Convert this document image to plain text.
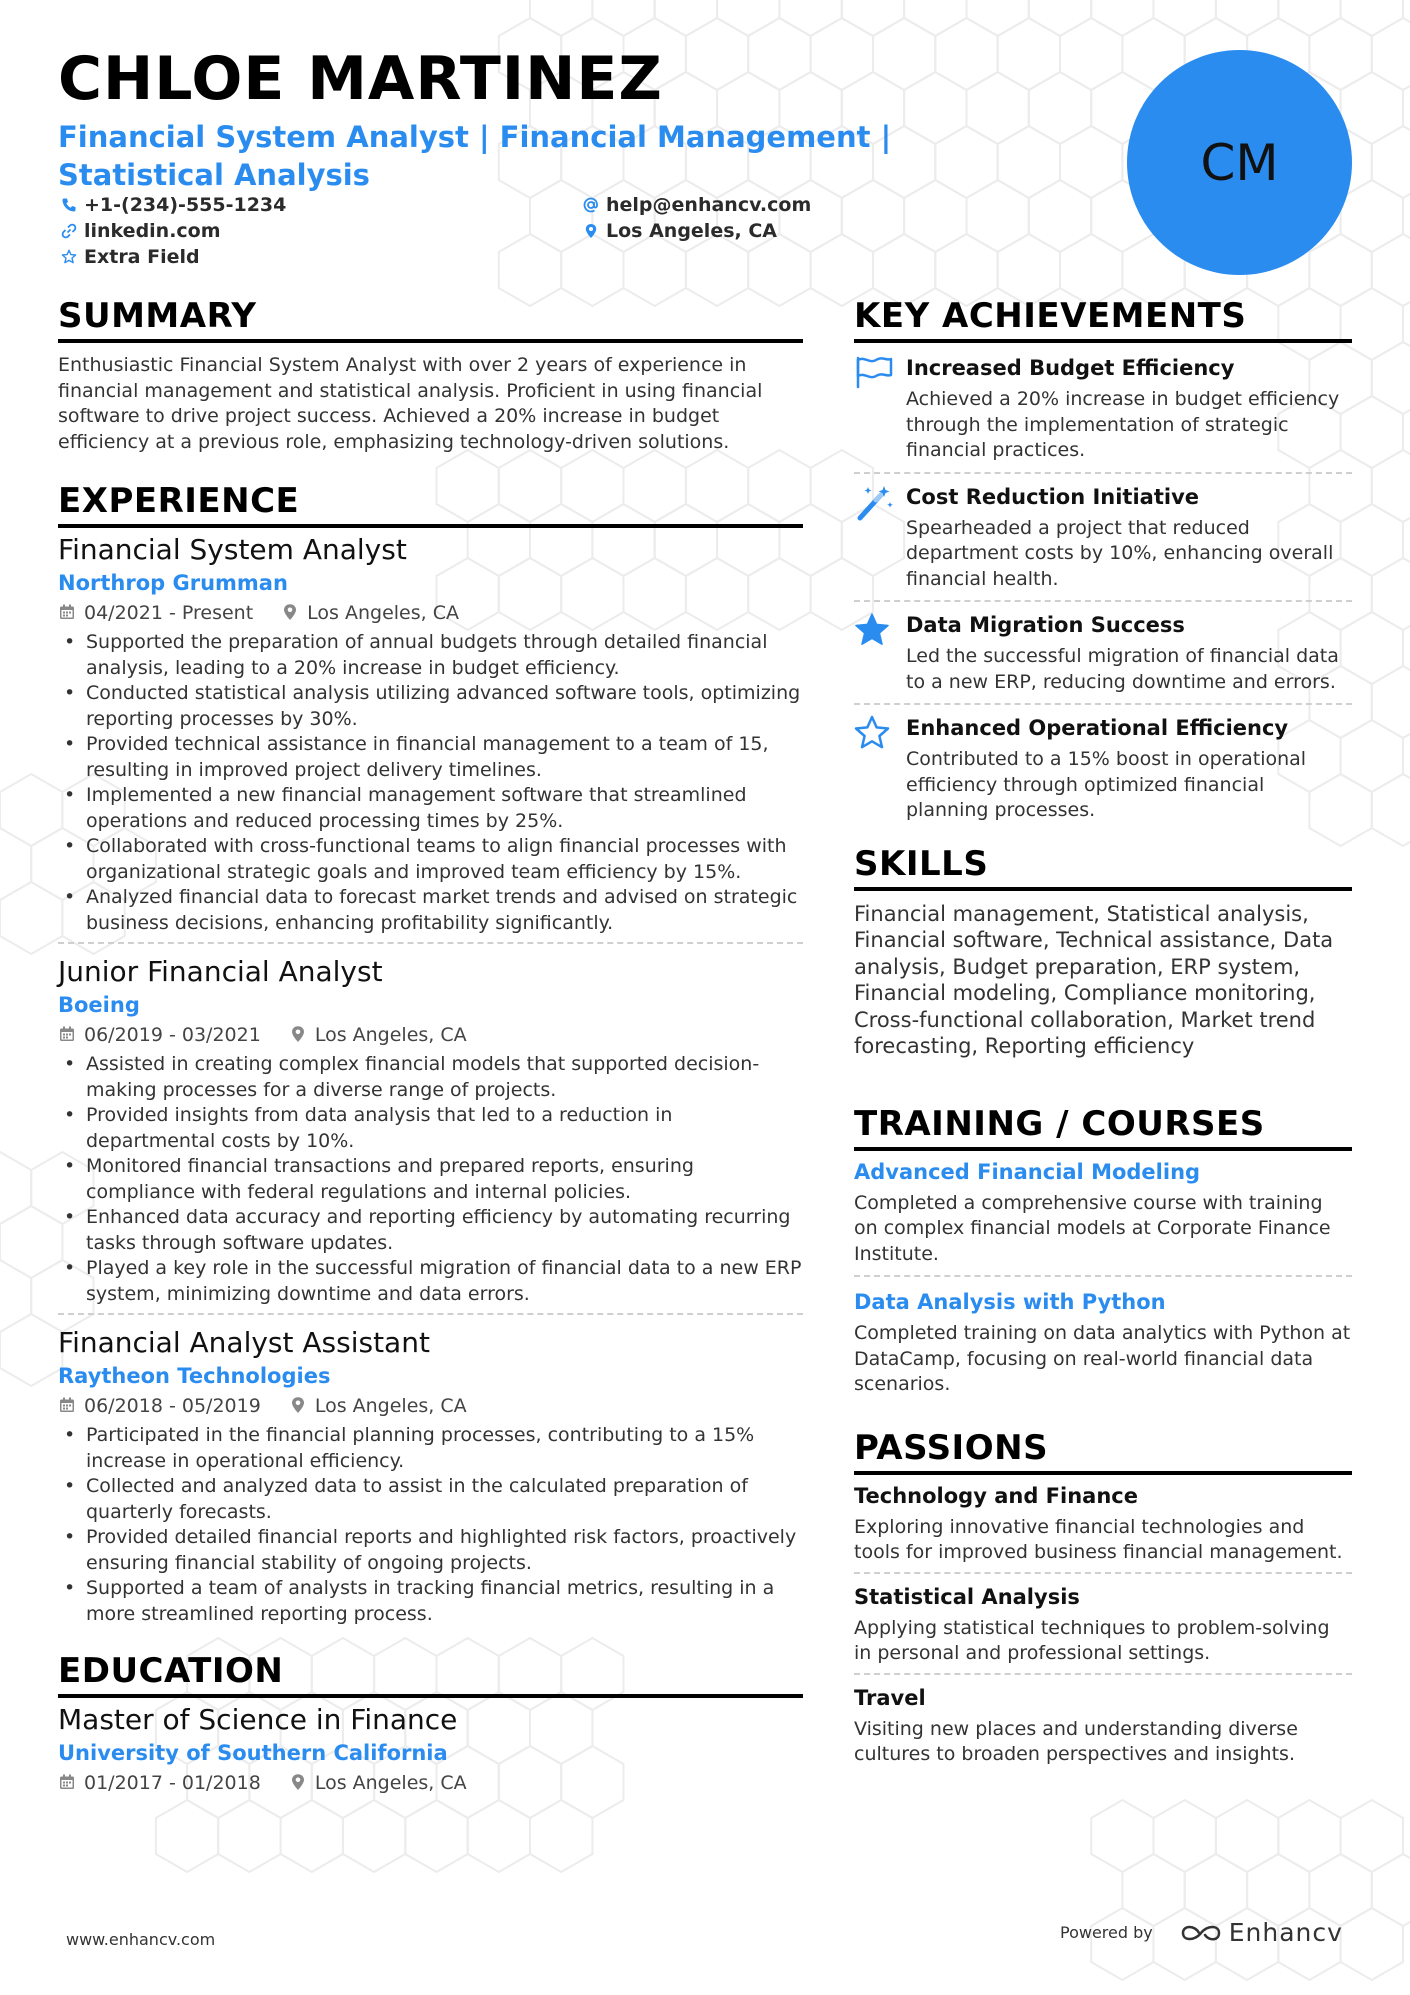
CHLOE MARTINEZ
Financial System Analyst | Financial Management | Statistical Analysis
+1-(234)-555-1234	help@enhancv.com
linkedin.com	Los Angeles, CA
Extra Field
CM
SUMMARY

Enthusiastic Financial System Analyst with over 2 years of experience in financial management and statistical analysis. Proficient in using financial software to drive project success. Achieved a 20% increase in budget efficiency at a previous role, emphasizing technology-driven solutions.

EXPERIENCE
Financial System Analyst
Northrop Grumman
04/2021 - Present	Los Angeles, CA
• Supported the preparation of annual budgets through detailed financial analysis, leading to a 20% increase in budget efficiency.
• Conducted statistical analysis utilizing advanced software tools, optimizing reporting processes by 30%.
• Provided technical assistance in financial management to a team of 15, resulting in improved project delivery timelines.
• Implemented a new financial management software that streamlined operations and reduced processing times by 25%.
• Collaborated with cross-functional teams to align financial processes with organizational strategic goals and improved team efficiency by 15%.
• Analyzed financial data to forecast market trends and advised on strategic business decisions, enhancing profitability significantly.
Junior Financial Analyst
Boeing
06/2019 - 03/2021	Los Angeles, CA
• Assisted in creating complex financial models that supported decision-making processes for a diverse range of projects.
• Provided insights from data analysis that led to a reduction in departmental costs by 10%.
• Monitored financial transactions and prepared reports, ensuring compliance with federal regulations and internal policies.
• Enhanced data accuracy and reporting efficiency by automating recurring tasks through software updates.
• Played a key role in the successful migration of financial data to a new ERP system, minimizing downtime and data errors.
Financial Analyst Assistant
Raytheon Technologies
06/2018 - 05/2019	Los Angeles, CA
• Participated in the financial planning processes, contributing to a 15% increase in operational efficiency.
• Collected and analyzed data to assist in the calculated preparation of quarterly forecasts.
• Provided detailed financial reports and highlighted risk factors, proactively ensuring financial stability of ongoing projects.
• Supported a team of analysts in tracking financial metrics, resulting in a more streamlined reporting process.
EDUCATION
Master of Science in Finance
University of Southern California
01/2017 - 01/2018	Los Angeles, CA
KEY ACHIEVEMENTS
Increased Budget Efficiency
Achieved a 20% increase in budget efficiency through the implementation of strategic financial practices.
Cost Reduction Initiative
Spearheaded a project that reduced department costs by 10%, enhancing overall financial health.
Data Migration Success
Led the successful migration of financial data to a new ERP, reducing downtime and errors.
Enhanced Operational Efficiency
Contributed to a 15% boost in operational efficiency through optimized financial planning processes.
SKILLS

Financial management, Statistical analysis, Financial software, Technical assistance, Data analysis, Budget preparation, ERP system, Financial modeling, Compliance monitoring, Cross-functional collaboration, Market trend forecasting, Reporting efficiency

TRAINING / COURSES
Advanced Financial Modeling
Completed a comprehensive course with training on complex financial models at Corporate Finance Institute.
Data Analysis with Python
Completed training on data analytics with Python at DataCamp, focusing on real-world financial data scenarios.
PASSIONS
Technology and Finance
Exploring innovative financial technologies and tools for improved business financial management.
Statistical Analysis
Applying statistical techniques to problem-solving in personal and professional settings.
Travel
Visiting new places and understanding diverse cultures to broaden perspectives and insights.
www.enhancv.com	Powered by	Enhancv
